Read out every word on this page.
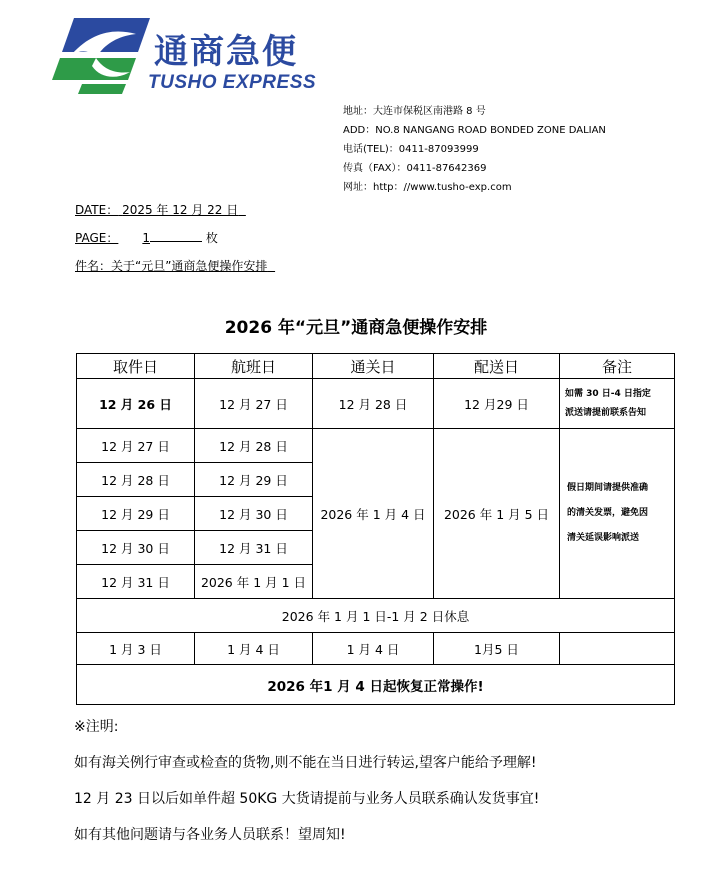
通商急便
TUSHO EXPRESS
地址：大连市保税区南港路 8 号
ADD：NO.8 NANGANG ROAD BONDED ZONE DALIAN
电话(TEL)：0411-87093999
传真（FAX）：0411-87642369
网址：http：//www.tusho-exp.com
DATE： 2025 年 12 月 22 日
PAGE： 1	枚
件名：关于“元旦”通商急便操作安排
2026 年“元旦”通商急便操作安排
取件日	航班日	通关日	配送日	备注
12 月 26 日	12 月 27 日	12 月 28 日	12 月29 日	如需 30 日-4 日指定
派送请提前联系告知

12 月 27 日	12 月 28 日	2026 年 1 月 4 日	2026 年 1 月 5 日	假日期间请提供准确
的清关发票，避免因
清关延误影响派送

12 月 28 日	12 月 29 日			
12 月 29 日	12 月 30 日			
12 月 30 日	12 月 31 日			
12 月 31 日	2026 年 1 月 1 日			
2026 年 1 月 1 日-1 月 2 日休息				
1 月 3 日	1 月 4 日	1 月 4 日	1月5 日	
2026 年1 月 4 日起恢复正常操作!				
※注明:
如有海关例行审查或检查的货物,则不能在当日进行转运,望客户能给予理解!
12 月 23 日以后如单件超 50KG 大货请提前与业务人员联系确认发货事宜!
如有其他问题请与各业务人员联系！望周知!
